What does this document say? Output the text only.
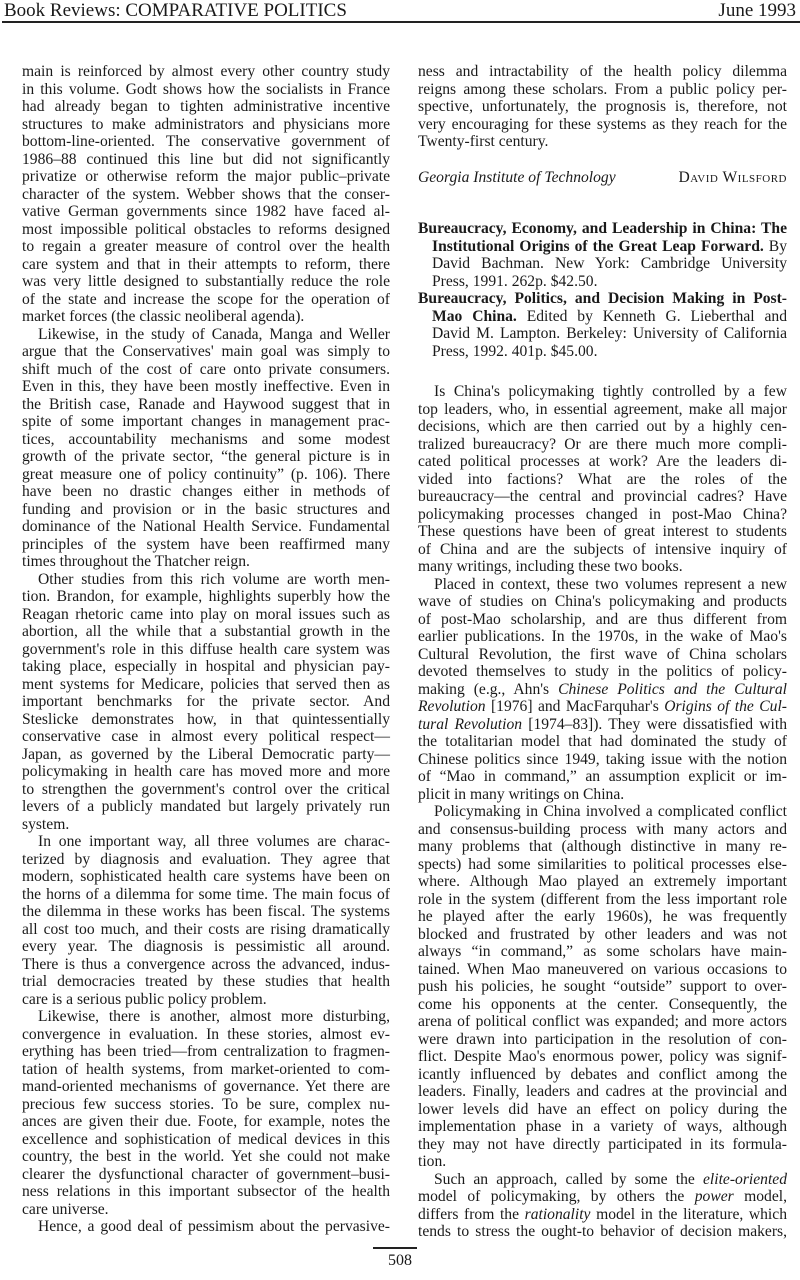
Book Reviews: COMPARATIVE POLITICS	June 1993
main is reinforced by almost every other country study
in this volume. Godt shows how the socialists in France
had already began to tighten administrative incentive
structures to make administrators and physicians more
bottom-line-oriented. The conservative government of
1986–88 continued this line but did not significantly
privatize or otherwise reform the major public–private
character of the system. Webber shows that the conser-
vative German governments since 1982 have faced al-
most impossible political obstacles to reforms designed
to regain a greater measure of control over the health
care system and that in their attempts to reform, there
was very little designed to substantially reduce the role
of the state and increase the scope for the operation of
market forces (the classic neoliberal agenda).
Likewise, in the study of Canada, Manga and Weller
argue that the Conservatives' main goal was simply to
shift much of the cost of care onto private consumers.
Even in this, they have been mostly ineffective. Even in
the British case, Ranade and Haywood suggest that in
spite of some important changes in management prac-
tices, accountability mechanisms and some modest
growth of the private sector, “the general picture is in
great measure one of policy continuity” (p. 106). There
have been no drastic changes either in methods of
funding and provision or in the basic structures and
dominance of the National Health Service. Fundamental
principles of the system have been reaffirmed many
times throughout the Thatcher reign.
Other studies from this rich volume are worth men-
tion. Brandon, for example, highlights superbly how the
Reagan rhetoric came into play on moral issues such as
abortion, all the while that a substantial growth in the
government's role in this diffuse health care system was
taking place, especially in hospital and physician pay-
ment systems for Medicare, policies that served then as
important benchmarks for the private sector. And
Steslicke demonstrates how, in that quintessentially
conservative case in almost every political respect—
Japan, as governed by the Liberal Democratic party—
policymaking in health care has moved more and more
to strengthen the government's control over the critical
levers of a publicly mandated but largely privately run
system.
In one important way, all three volumes are charac-
terized by diagnosis and evaluation. They agree that
modern, sophisticated health care systems have been on
the horns of a dilemma for some time. The main focus of
the dilemma in these works has been fiscal. The systems
all cost too much, and their costs are rising dramatically
every year. The diagnosis is pessimistic all around.
There is thus a convergence across the advanced, indus-
trial democracies treated by these studies that health
care is a serious public policy problem.
Likewise, there is another, almost more disturbing,
convergence in evaluation. In these stories, almost ev-
erything has been tried—from centralization to fragmen-
tation of health systems, from market-oriented to com-
mand-oriented mechanisms of governance. Yet there are
precious few success stories. To be sure, complex nu-
ances are given their due. Foote, for example, notes the
excellence and sophistication of medical devices in this
country, the best in the world. Yet she could not make
clearer the dysfunctional character of government–busi-
ness relations in this important subsector of the health
care universe.
Hence, a good deal of pessimism about the pervasive-
ness and intractability of the health policy dilemma
reigns among these scholars. From a public policy per-
spective, unfortunately, the prognosis is, therefore, not
very encouraging for these systems as they reach for the
Twenty-first century.
Georgia Institute of Technology	David Wilsford
Bureaucracy, Economy, and Leadership in China: The
Institutional Origins of the Great Leap Forward. By
David Bachman. New York: Cambridge University
Press, 1991. 262p. $42.50.
Bureaucracy, Politics, and Decision Making in Post-
Mao China. Edited by Kenneth G. Lieberthal and
David M. Lampton. Berkeley: University of California
Press, 1992. 401p. $45.00.
Is China's policymaking tightly controlled by a few
top leaders, who, in essential agreement, make all major
decisions, which are then carried out by a highly cen-
tralized bureaucracy? Or are there much more compli-
cated political processes at work? Are the leaders di-
vided into factions? What are the roles of the
bureaucracy—the central and provincial cadres? Have
policymaking processes changed in post-Mao China?
These questions have been of great interest to students
of China and are the subjects of intensive inquiry of
many writings, including these two books.
Placed in context, these two volumes represent a new
wave of studies on China's policymaking and products
of post-Mao scholarship, and are thus different from
earlier publications. In the 1970s, in the wake of Mao's
Cultural Revolution, the first wave of China scholars
devoted themselves to study in the politics of policy-
making (e.g., Ahn's Chinese Politics and the Cultural
Revolution [1976] and MacFarquhar's Origins of the Cul-
tural Revolution [1974–83]). They were dissatisfied with
the totalitarian model that had dominated the study of
Chinese politics since 1949, taking issue with the notion
of “Mao in command,” an assumption explicit or im-
plicit in many writings on China.
Policymaking in China involved a complicated conflict
and consensus-building process with many actors and
many problems that (although distinctive in many re-
spects) had some similarities to political processes else-
where. Although Mao played an extremely important
role in the system (different from the less important role
he played after the early 1960s), he was frequently
blocked and frustrated by other leaders and was not
always “in command,” as some scholars have main-
tained. When Mao maneuvered on various occasions to
push his policies, he sought “outside” support to over-
come his opponents at the center. Consequently, the
arena of political conflict was expanded; and more actors
were drawn into participation in the resolution of con-
flict. Despite Mao's enormous power, policy was signif-
icantly influenced by debates and conflict among the
leaders. Finally, leaders and cadres at the provincial and
lower levels did have an effect on policy during the
implementation phase in a variety of ways, although
they may not have directly participated in its formula-
tion.
Such an approach, called by some the elite-oriented
model of policymaking, by others the power model,
differs from the rationality model in the literature, which
tends to stress the ought-to behavior of decision makers,
508
